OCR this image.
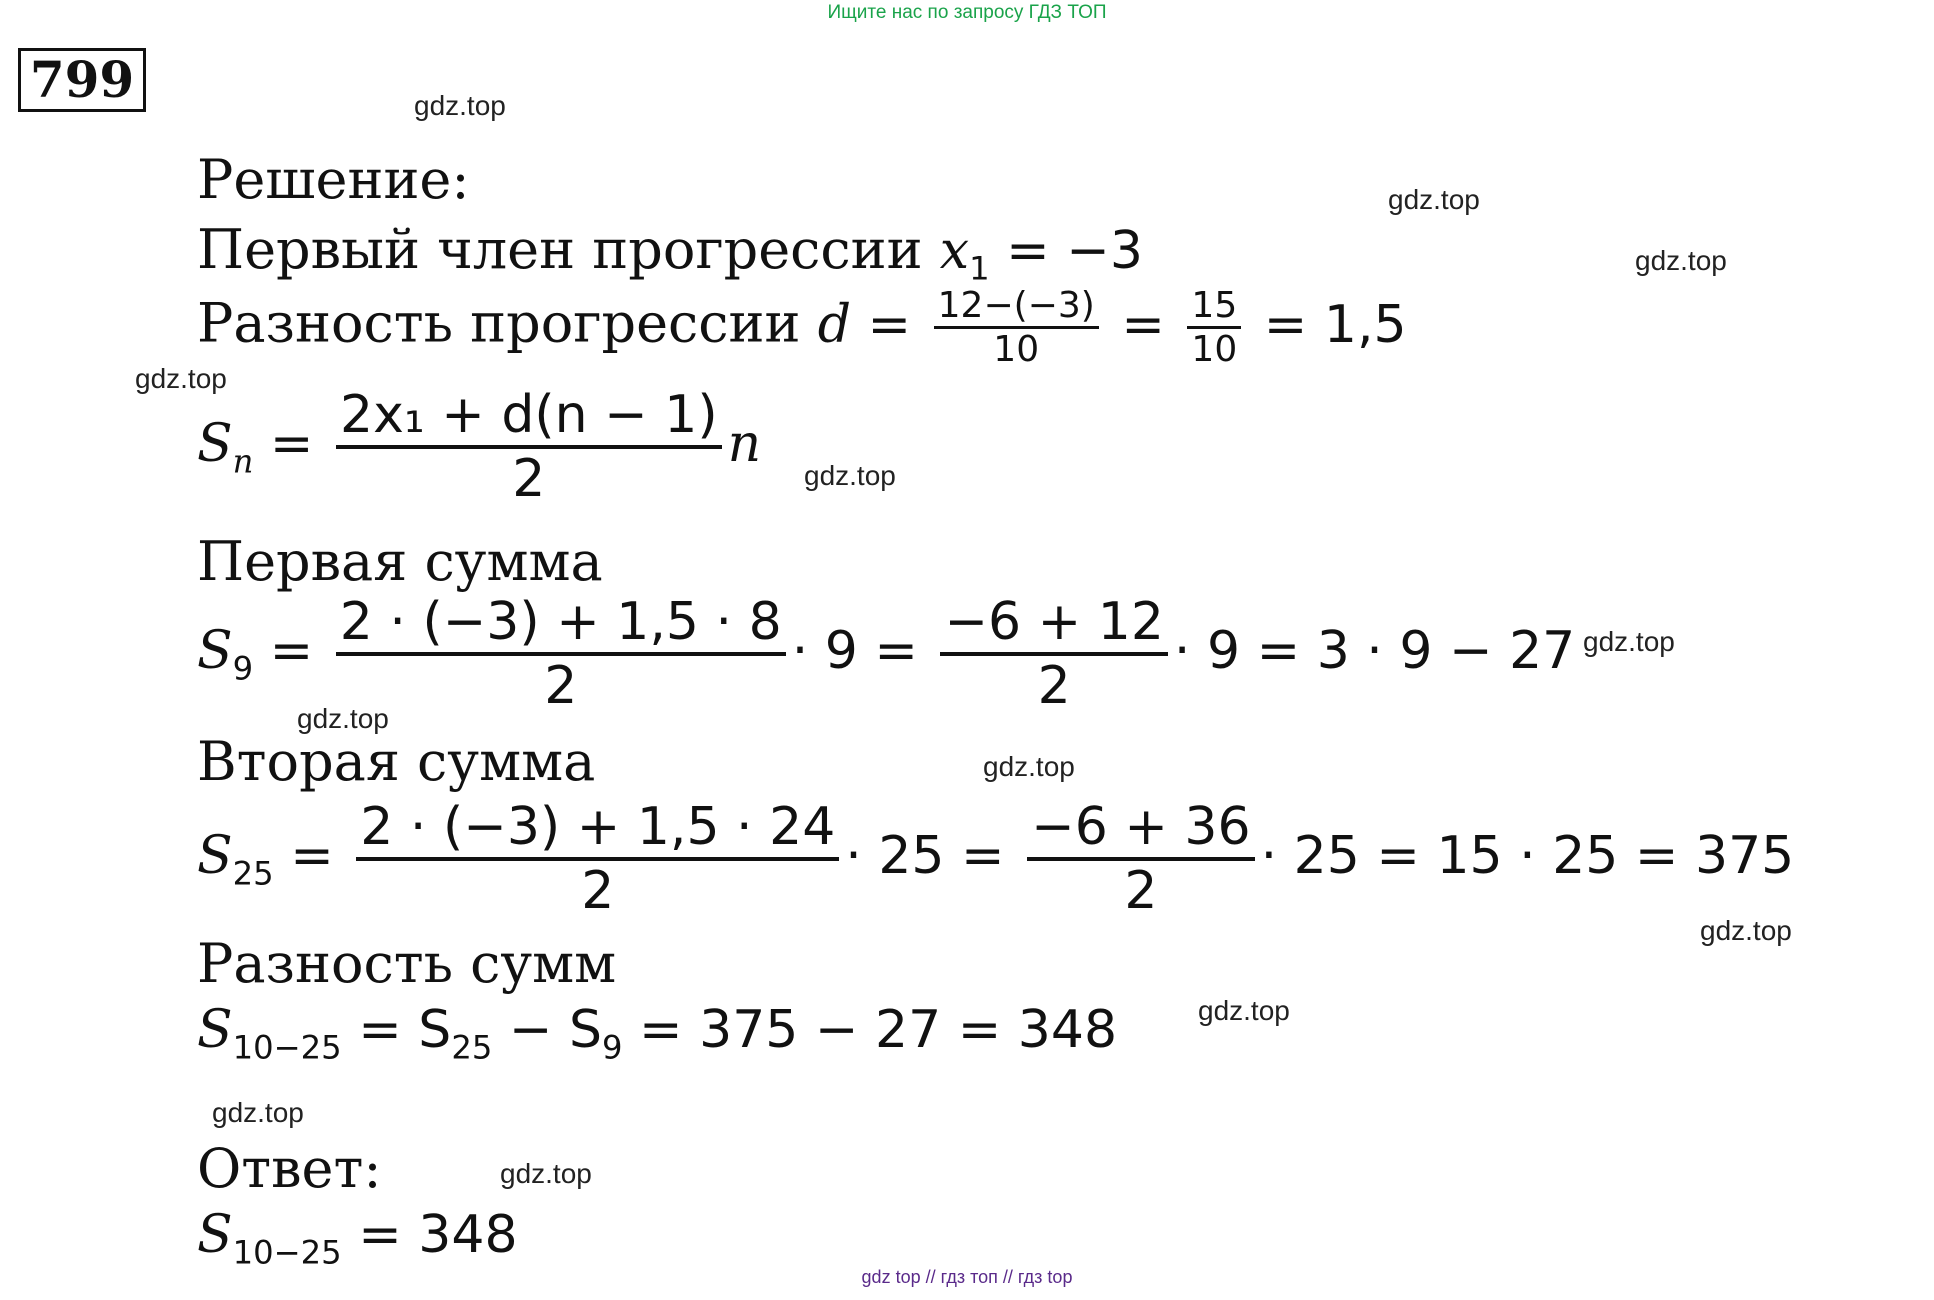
Ищите нас по запросу ГДЗ ТОП
799	gdz.top
gdz.top
gdz.top
gdz.top
gdz.top
gdz.top
gdz.top
gdz.top
gdz.top
gdz.top
gdz.top
gdz.top
Решение:
Первый член прогрессии $x_1 = -3$
Разность прогрессии $d = \frac{12-(-3)}{10} = \frac{15}{10} = 1,5$
$S_n = \frac{\text{2x₁ + d(n − 1)}}{2}$ n
Первая сумма
$S_9 = \frac{2 \cdot (-3) + 1,5 \cdot 8}{2} \cdot 9 = \frac{-6 + 12}{2} \cdot 9 = 3 \cdot 9 - 27$
Вторая сумма
$S_{25} = \frac{2 \cdot (-3) + 1,5 \cdot 24}{2} \cdot 25 = \frac{-6 + 36}{2} \cdot 25 = 15 \cdot 25 = 375$
Разность сумм
$S_{10-25} = S_{25} - S_9 = 375 - 27 = 348$
Ответ:
$S_{10-25} = 348$
gdz top // гдз топ // гдз top
